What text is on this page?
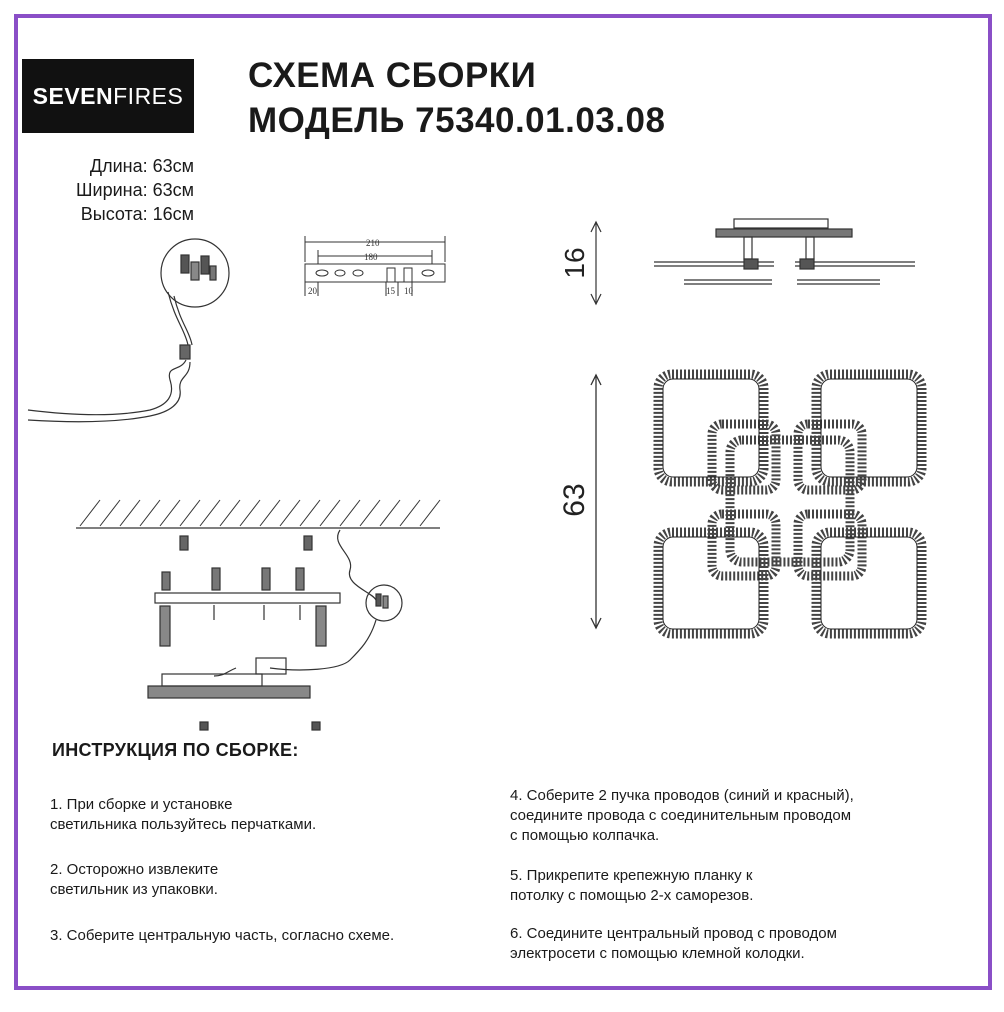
SEVEN FIRES
СХЕМА СБОРКИ
МОДЕЛЬ 75340.01.03.08
Длина: 63см
Ширина: 63см
Высота: 16см
210
180
20	15 10
16
63
ИНСТРУКЦИЯ ПО СБОРКЕ:
1. При сборке и установке
светильника пользуйтесь перчатками.
2. Осторожно извлеките
светильник из упаковки.
3. Соберите центральную часть, согласно схеме.
4. Соберите 2 пучка проводов (синий и красный),
соедините провода с соединительным проводом
с помощью колпачка.
5. Прикрепите крепежную планку к
потолку с помощью 2-х саморезов.
6. Соедините центральный провод с проводом
электросети с помощью клемной колодки.
